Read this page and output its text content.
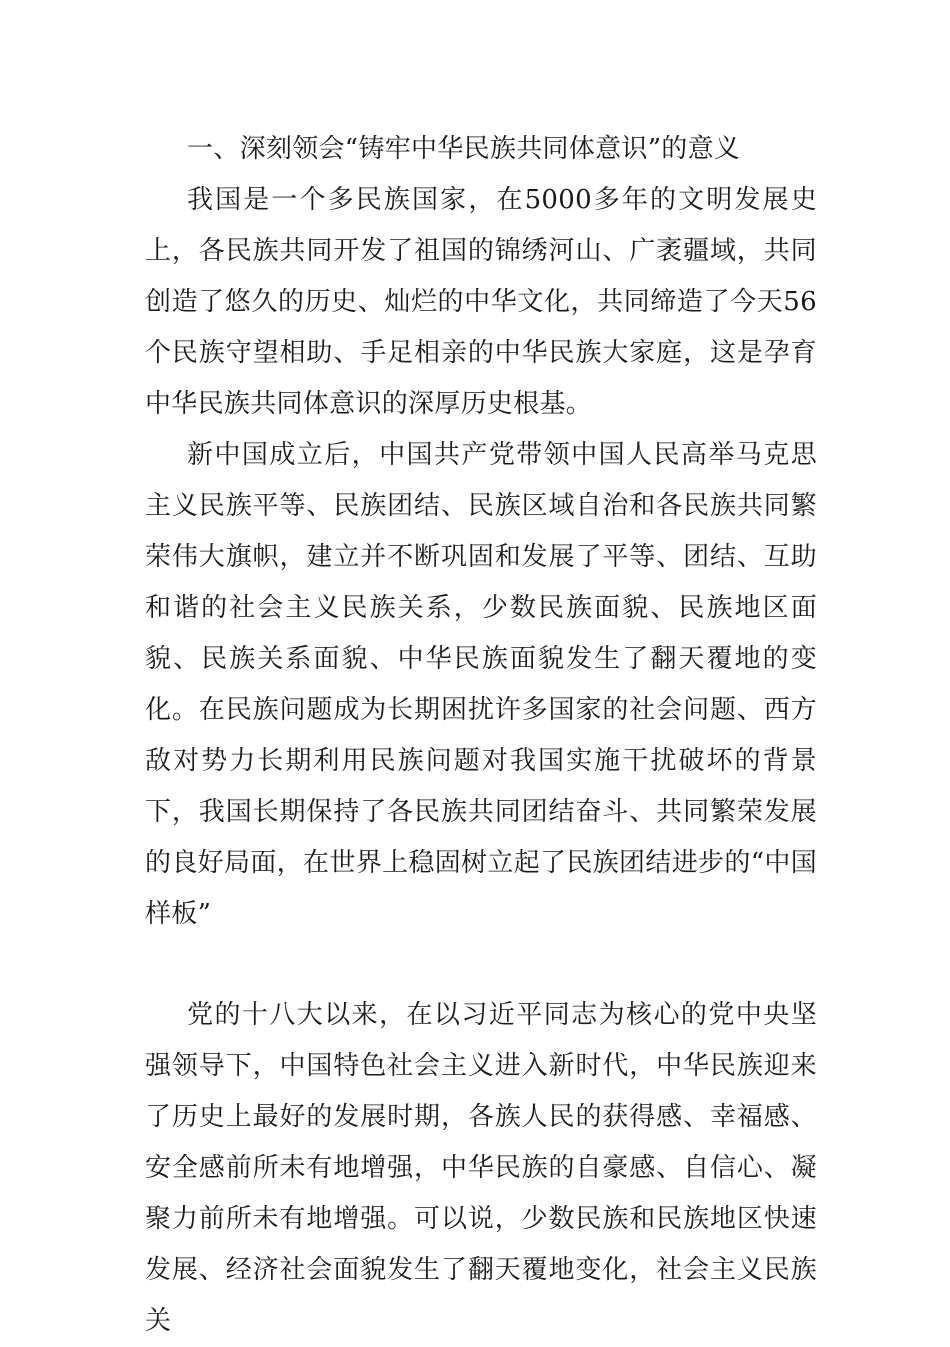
一、深刻领会“铸牢中华民族共同体意识”的意义

我国是一个多民族国家，在5000多年的文明发展史上，各民族共同开发了祖国的锦绣河山、广袤疆域，共同创造了悠久的历史、灿烂的中华文化，共同缔造了今天56个民族守望相助、手足相亲的中华民族大家庭，这是孕育中华民族共同体意识的深厚历史根基。

新中国成立后，中国共产党带领中国人民高举马克思主义民族平等、民族团结、民族区域自治和各民族共同繁荣伟大旗帜，建立并不断巩固和发展了平等、团结、互助和谐的社会主义民族关系，少数民族面貌、民族地区面貌、民族关系面貌、中华民族面貌发生了翻天覆地的变化。在民族问题成为长期困扰许多国家的社会问题、西方敌对势力长期利用民族问题对我国实施干扰破坏的背景下，我国长期保持了各民族共同团结奋斗、共同繁荣发展的良好局面，在世界上稳固树立起了民族团结进步的“中国样板”

党的十八大以来，在以习近平同志为核心的党中央坚强领导下，中国特色社会主义进入新时代，中华民族迎来了历史上最好的发展时期，各族人民的获得感、幸福感、安全感前所未有地增强，中华民族的自豪感、自信心、凝聚力前所未有地增强。可以说，少数民族和民族地区快速发展、经济社会面貌发生了翻天覆地变化，社会主义民族关
